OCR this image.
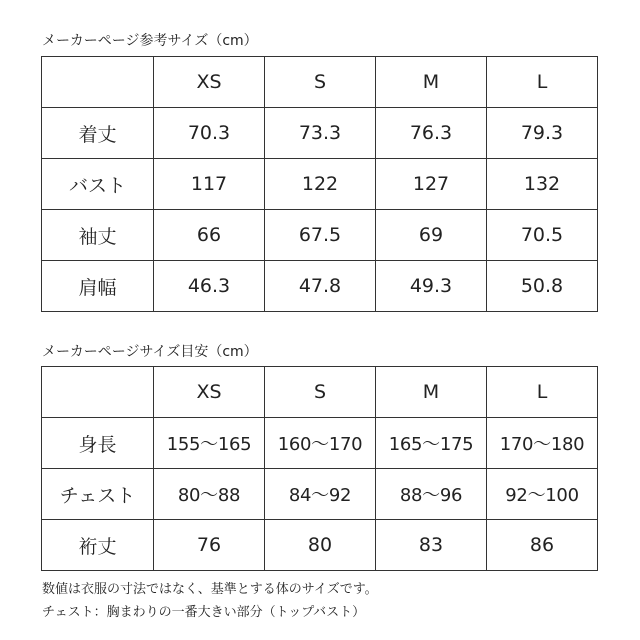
メーカーページ参考サイズ（cm）
	XS	S	M	L
着丈	70.3	73.3	76.3	79.3
バスト	117	122	127	132
袖丈	66	67.5	69	70.5
肩幅	46.3	47.8	49.3	50.8
メーカーページサイズ目安（cm）
	XS	S	M	L
身長	155～165	160～170	165～175	170～180
チェスト	80～88	84～92	88～96	92～100
裄丈	76	80	83	86
数値は衣服の寸法ではなく、基準とする体のサイズです。
チェスト：胸まわりの一番大きい部分（トップバスト）
